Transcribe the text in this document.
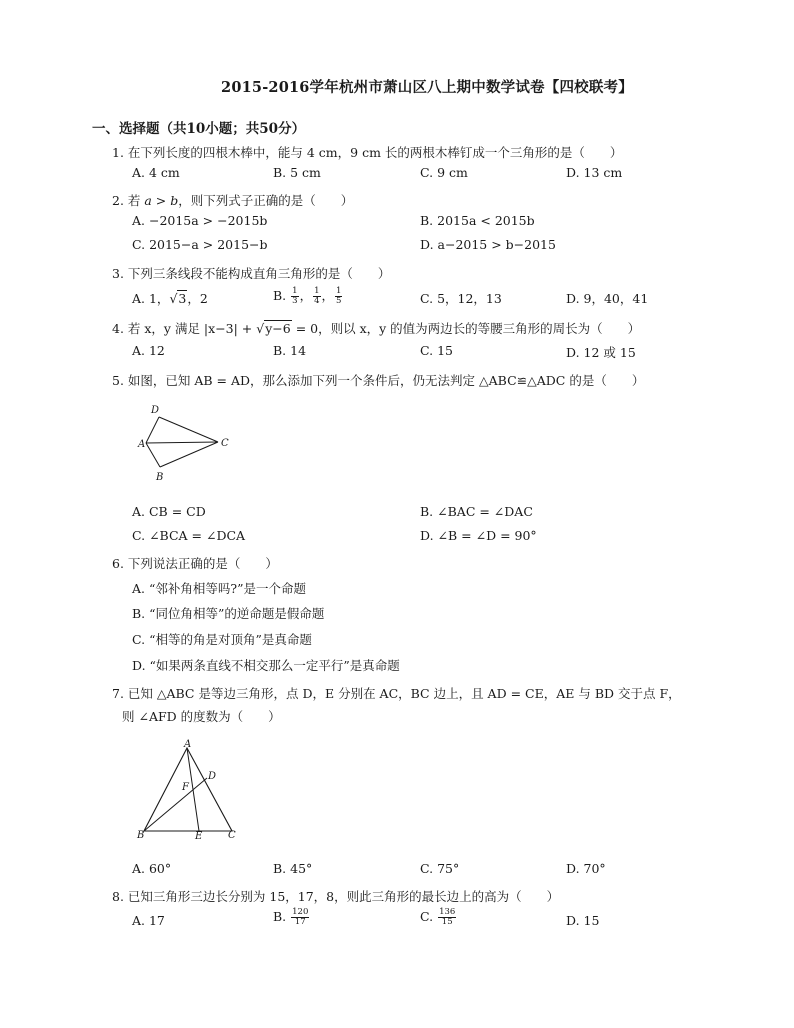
2015-2016学年杭州市萧山区八上期中数学试卷【四校联考】
一、选择题（共10小题；共50分）
1. 在下列长度的四根木棒中，能与 4 cm，9 cm 长的两根木棒钉成一个三角形的是（　　）
A. 4 cm	B. 5 cm	C. 9 cm	D. 13 cm
2. 若 a > b，则下列式子正确的是（　　）
A. −2015a > −2015b	B. 2015a < 2015b
C. 2015−a > 2015−b	D. a−2015 > b−2015
3. 下列三条线段不能构成直角三角形的是（　　）
A. 1，√3，2	B. $\frac{1}{3}$ ， $\frac{1}{4}$ ， $\frac{1}{5}$	C. 5，12，13	D. 9，40，41
4. 若 x，y 满足 |x−3| + √y−6 = 0，则以 x，y 的值为两边长的等腰三角形的周长为（　　）
A. 12	B. 14	C. 15	D. 12 或 15
5. 如图，已知 AB = AD，那么添加下列一个条件后，仍无法判定 △ABC≌△ADC 的是（　　）
D
A	C
B
A. CB = CD	B. ∠BAC = ∠DAC
C. ∠BCA = ∠DCA	D. ∠B = ∠D = 90°
6. 下列说法正确的是（　　）
A. “邻补角相等吗?”是一个命题
B. “同位角相等”的逆命题是假命题
C. “相等的角是对顶角”是真命题
D. “如果两条直线不相交那么一定平行”是真命题
7. 已知 △ABC 是等边三角形，点 D，E 分别在 AC，BC 边上，且 AD = CE，AE 与 BD 交于点 F，
则 ∠AFD 的度数为（　　）
A
B	C
D
E
F
A. 60°	B. 45°	C. 75°	D. 70°
8. 已知三角形三边长分别为 15，17，8，则此三角形的最长边上的高为（　　）
A. 17	B. $\frac{120}{17}$	C. $\frac{136}{15}$	D. 15
